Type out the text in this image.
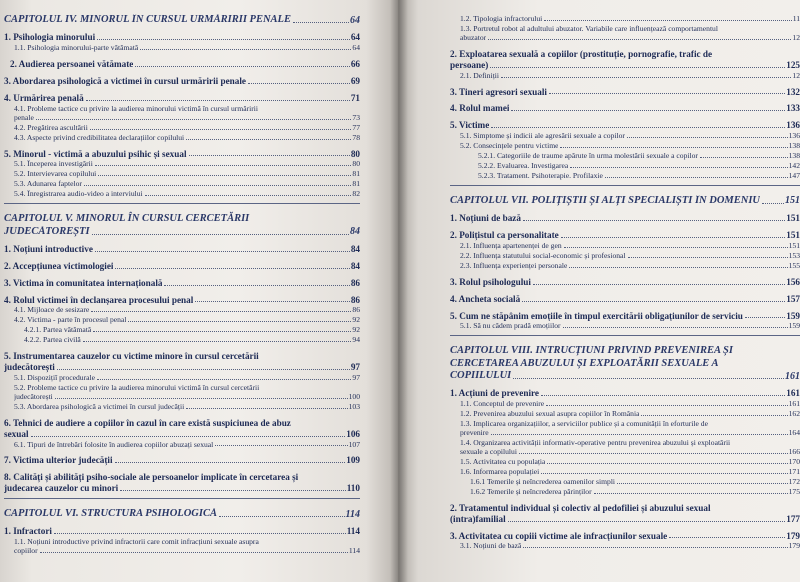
CAPITOLUL IV. MINORUL ÎN CURSUL URMĂRIRII PENALE	64
1. Psihologia minorului	64
1.1. Psihologia minorului-parte vătămată	64
2. Audierea persoanei vătămate	66
3. Abordarea psihologică a victimei în cursul urmăririi penale	69
4. Urmărirea penală	71
4.1. Probleme tactice cu privire la audierea minorului victimă în cursul urmăririi
penale	73
4.2. Pregătirea ascultării	77
4.3. Aspecte privind credibilitatea declarațiilor copilului	78
5. Minorul - victimă a abuzului psihic și sexual	80
5.1. Începerea investigării	80
5.2. Intervievarea copilului	81
5.3. Adunarea faptelor	81
5.4. Înregistrarea audio-video a interviului	82
CAPITOLUL V. MINORUL ÎN CURSUL CERCETĂRII
JUDECĂTOREȘTI	84
1. Noțiuni introductive	84
2. Accepțiunea victimologiei	84
3. Victima în comunitatea internațională	86
4. Rolul victimei în declanșarea procesului penal	86
4.1. Mijloace de sesizare	86
4.2. Victima - parte în procesul penal	92
4.2.1. Partea vătămată	92
4.2.2. Partea civilă	94
5. Instrumentarea cauzelor cu victime minore în cursul cercetării
judecătorești	97
5.1. Dispozițiî procedurale	97
5.2. Probleme tactice cu privire la audierea minorului victimă în cursul cercetării
judecătorești	100
5.3. Abordarea psihologică a victimei în cursul judecății	103
6. Tehnici de audiere a copiilor în cazul în care există suspiciunea de abuz
sexual	106
6.1. Tipuri de întrebări folosite în audierea copiilor abuzați sexual	107
7. Victima ulterior judecății	109
8. Calități și abilități psiho-sociale ale persoanelor implicate în cercetarea și
judecarea cauzelor cu minori	110
CAPITOLUL VI. STRUCTURA PSIHOLOGICĂ	114
1. Infractori	114
1.1. Noțiuni introductive privind infractorii care comit infracțiuni sexuale asupra
copiilor	114
1.2. Tipologia infractorului	11
1.3. Portretul robot al adultului abuzator. Variabile care influențează comportamentul
abuzator	12
2. Exploatarea sexuală a copiilor (prostituție, pornografie, trafic de
persoane)	125
2.1. Definiții	12
3. Tineri agresori sexuali	132
4. Rolul mamei	133
5. Victime	136
5.1. Simptome și indicii ale agresării sexuale a copilor	136
5.2. Consecințele pentru victime	138
5.2.1. Categoriile de traume apărute în urma molestării sexuale a copilor	138
5.2.2. Evaluarea. Investigarea	142
5.2.3. Tratament. Psihoterapie. Profilaxie	147
CAPITOLUL VII. POLIȚIȘTII ȘI ALȚI SPECIALIȘTI ÎN DOMENIU 151
1. Noțiuni de bază	151
2. Polițistul ca personalitate	151
2.1. Influența apartenenței de gen	151
2.2. Influența statutului social-economic și profesional	153
2.3. Influența experienței personale	155
3. Rolul psihologului	156
4. Ancheta socială	157
5. Cum ne stăpânim emoțiile în timpul exercitării obligațiunilor de serviciu	159
5.1. Să nu cădem pradă emoțiilor	159
CAPITOLUL VIII. INTRUCȚIUNI PRIVIND PREVENIREA ȘI
CERCETAREA ABUZULUI ȘI EXPLOATĂRII SEXUALE A
COPIILULUI	161
1. Acțiuni de prevenire	161
1.1. Conceptul de prevenire	161
1.2. Prevenirea abuzului sexual asupra copiilor în România	162
1.3. Implicarea organizațiilor, a serviciilor publice și a comunității în eforturile de
prevenire	164
1.4. Organizarea activității informativ-operative pentru prevenirea abuzului și exploatării
sexuale a copilului	166
1.5. Activitatea cu populația	170
1.6. Informarea populației	171
1.6.1 Temerile și neîncrederea oamenilor simpli	172
1.6.2 Temerile și neîncrederea părinților	175
2. Tratamentul individual și colectiv al pedofiliei și abuzului sexual
(intra)familial	177
3. Activitatea cu copiii victime ale infracțiunilor sexuale	179
3.1. Noțiuni de bază	179
